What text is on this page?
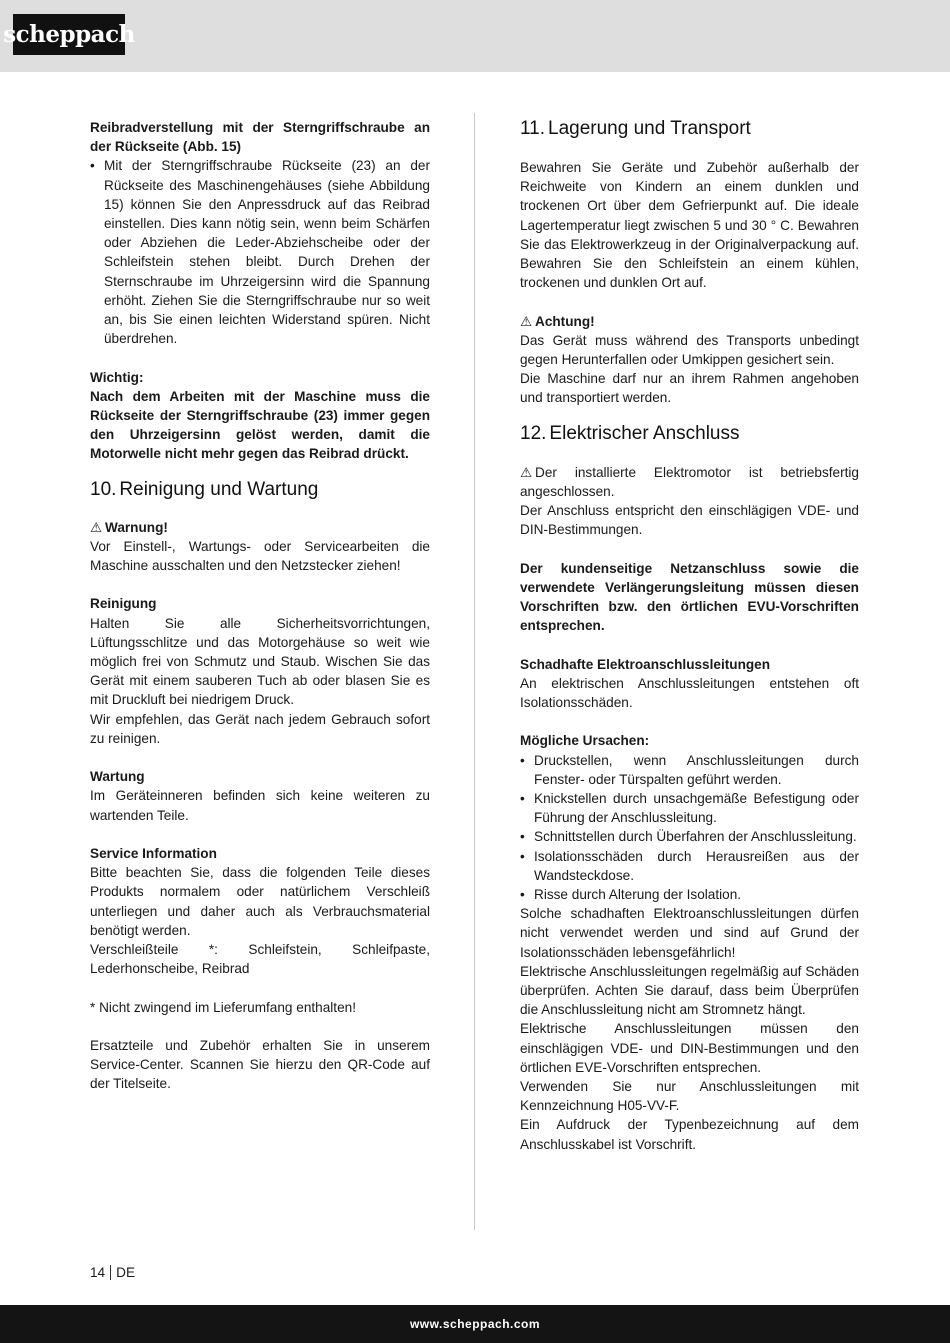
scheppach

Reibradverstellung mit der Sterngriffschraube an der Rückseite (Abb. 15)

• Mit der Sterngriffschraube Rückseite (23) an der Rückseite des Maschinengehäuses (siehe Abbildung 15) können Sie den Anpressdruck auf das Reibrad einstellen. Dies kann nötig sein, wenn beim Schärfen oder Abziehen die Leder-Abziehscheibe oder der Schleifstein stehen bleibt. Durch Drehen der Sternschraube im Uhrzeigersinn wird die Spannung erhöht. Ziehen Sie die Sterngriffschraube nur so weit an, bis Sie einen leichten Widerstand spüren. Nicht überdrehen.

Wichtig:

Nach dem Arbeiten mit der Maschine muss die Rückseite der Sterngriffschraube (23) immer gegen den Uhrzeigersinn gelöst werden, damit die Motorwelle nicht mehr gegen das Reibrad drückt.

10. Reinigung und Wartung

⚠ Warnung!

Vor Einstell-, Wartungs- oder Servicearbeiten die Maschine ausschalten und den Netzstecker ziehen!

Reinigung

Halten Sie alle Sicherheitsvorrichtungen, Lüftungsschlitze und das Motorgehäuse so weit wie möglich frei von Schmutz und Staub. Wischen Sie das Gerät mit einem sauberen Tuch ab oder blasen Sie es mit Druckluft bei niedrigem Druck.

Wir empfehlen, das Gerät nach jedem Gebrauch sofort zu reinigen.

Wartung

Im Geräteinneren befinden sich keine weiteren zu wartenden Teile.

Service Information

Bitte beachten Sie, dass die folgenden Teile dieses Produkts normalem oder natürlichem Verschleiß unterliegen und daher auch als Verbrauchsmaterial benötigt werden.

Verschleißteile *: Schleifstein, Schleifpaste, Lederhonscheibe, Reibrad

* Nicht zwingend im Lieferumfang enthalten!

Ersatzteile und Zubehör erhalten Sie in unserem Service-Center. Scannen Sie hierzu den QR-Code auf der Titelseite.

11. Lagerung und Transport

Bewahren Sie Geräte und Zubehör außerhalb der Reichweite von Kindern an einem dunklen und trockenen Ort über dem Gefrierpunkt auf. Die ideale Lagertemperatur liegt zwischen 5 und 30 ° C. Bewahren Sie das Elektrowerkzeug in der Originalverpackung auf. Bewahren Sie den Schleifstein an einem kühlen, trockenen und dunklen Ort auf.

⚠ Achtung!

Das Gerät muss während des Transports unbedingt gegen Herunterfallen oder Umkippen gesichert sein.

Die Maschine darf nur an ihrem Rahmen angehoben und transportiert werden.

12. Elektrischer Anschluss

⚠ Der installierte Elektromotor ist betriebsfertig angeschlossen.

Der Anschluss entspricht den einschlägigen VDE- und DIN-Bestimmungen.

Der kundenseitige Netzanschluss sowie die verwendete Verlängerungsleitung müssen diesen Vorschriften bzw. den örtlichen EVU-Vorschriften entsprechen.

Schadhafte Elektroanschlussleitungen

An elektrischen Anschlussleitungen entstehen oft Isolationsschäden.

Mögliche Ursachen:

• Druckstellen, wenn Anschlussleitungen durch Fenster- oder Türspalten geführt werden.
• Knickstellen durch unsachgemäße Befestigung oder Führung der Anschlussleitung.
• Schnittstellen durch Überfahren der Anschlussleitung.
• Isolationsschäden durch Herausreißen aus der Wandsteckdose.
• Risse durch Alterung der Isolation.

Solche schadhaften Elektroanschlussleitungen dürfen nicht verwendet werden und sind auf Grund der Isolationsschäden lebensgefährlich!

Elektrische Anschlussleitungen regelmäßig auf Schäden überprüfen. Achten Sie darauf, dass beim Überprüfen die Anschlussleitung nicht am Stromnetz hängt.

Elektrische Anschlussleitungen müssen den einschlägigen VDE- und DIN-Bestimmungen und den örtlichen EVE-Vorschriften entsprechen.

Verwenden Sie nur Anschlussleitungen mit Kennzeichnung H05-VV-F.

Ein Aufdruck der Typenbezeichnung auf dem Anschlusskabel ist Vorschrift.

14 DE
www.scheppach.com
